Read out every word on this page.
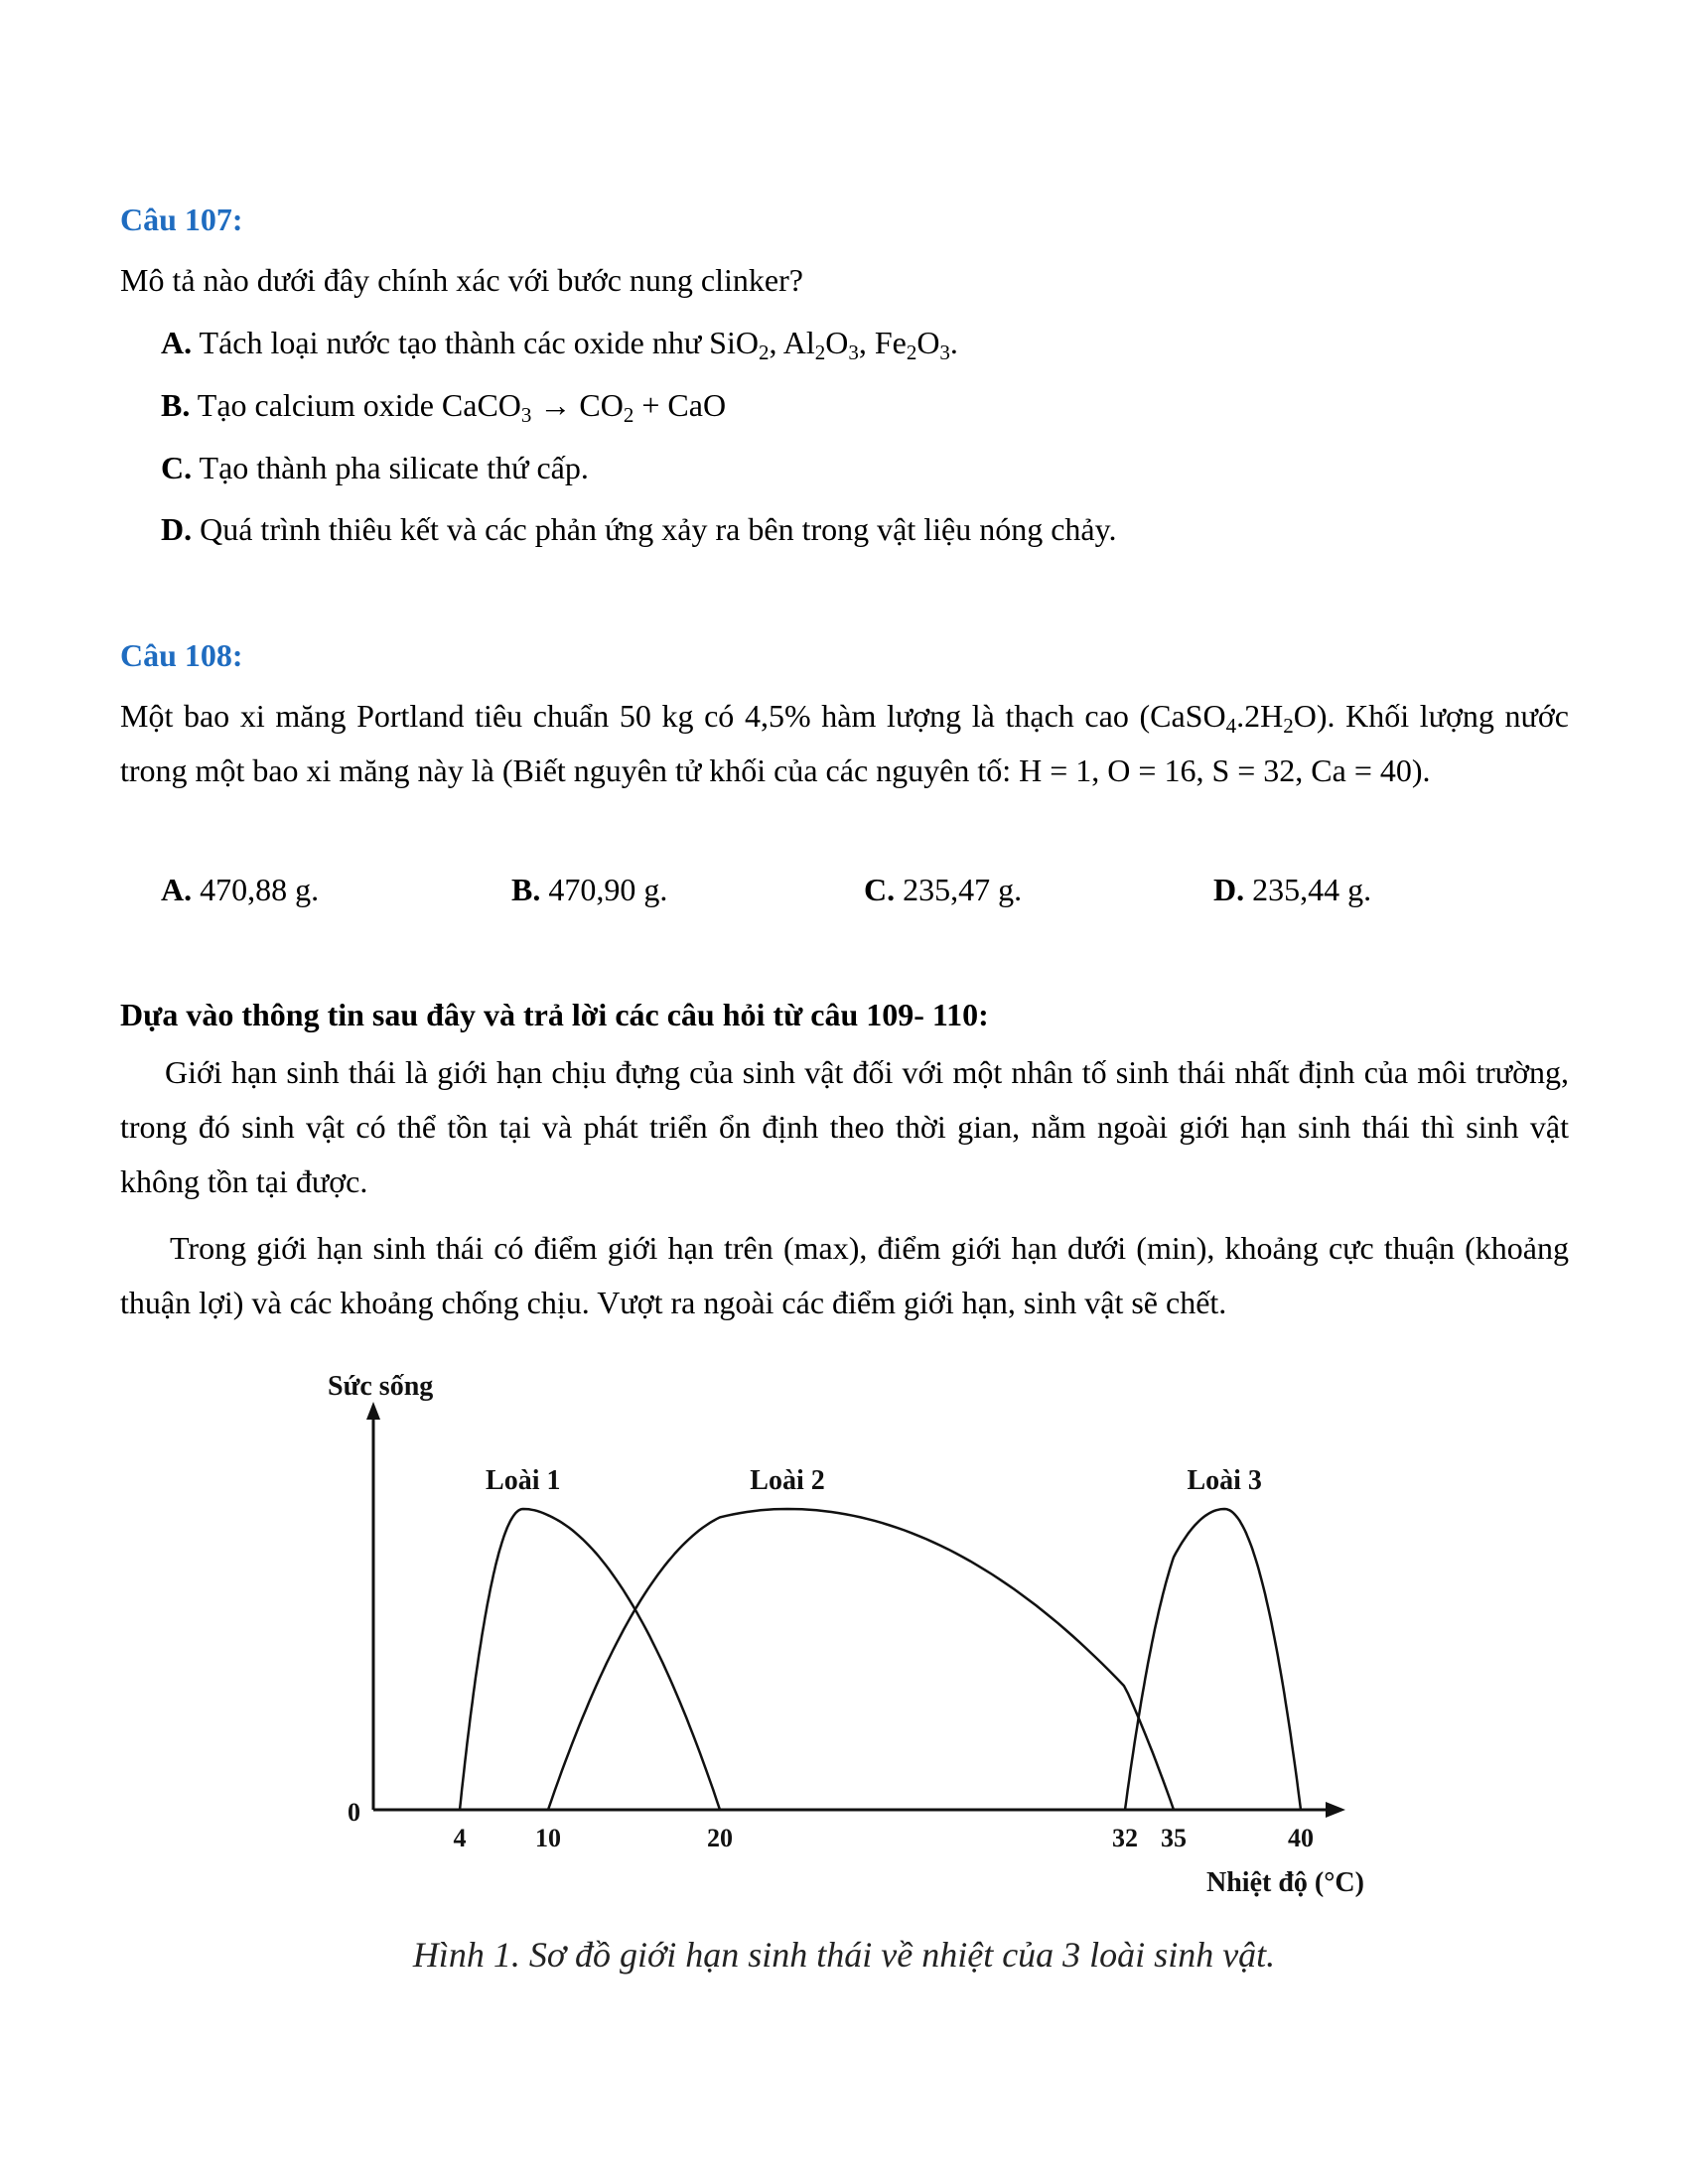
Câu 107:
Mô tả nào dưới đây chính xác với bước nung clinker?
A. Tách loại nước tạo thành các oxide như SiO$_2$, $Al_2O_3$, $Fe_2O_3$.
B. Tạo calcium oxide CaCO$_3$ → $CO_2$ + CaO
C. Tạo thành pha silicate thứ cấp.
D. Quá trình thiêu kết và các phản ứng xảy ra bên trong vật liệu nóng chảy.
Câu 108:
Một bao xi măng Portland tiêu chuẩn 50 kg có 4,5% hàm lượng là thạch cao $(CaSO_4.2H_2O)$. Khối lượng nước trong một bao xi măng này là (Biết nguyên tử khối của các nguyên tố: H = 1, O = 16, S = 32, Ca = 40).
A. 470,88 g.	B. 470,90 g.	C. 235,47 g.	D. 235,44 g.
Dựa vào thông tin sau đây và trả lời các câu hỏi từ câu 109- 110:
Giới hạn sinh thái là giới hạn chịu đựng của sinh vật đối với một nhân tố sinh thái nhất định của môi trường, trong đó sinh vật có thể tồn tại và phát triển ổn định theo thời gian, nằm ngoài giới hạn sinh thái thì sinh vật không tồn tại được.
Trong giới hạn sinh thái có điểm giới hạn trên (max), điểm giới hạn dưới (min), khoảng cực thuận (khoảng thuận lợi) và các khoảng chống chịu. Vượt ra ngoài các điểm giới hạn, sinh vật sẽ chết.
Sức sống
Nhiệt độ (°C)
0
4	10	20	32 35	40
Loài 1	Loài 2	Loài 3
Hình 1. Sơ đồ giới hạn sinh thái về nhiệt của 3 loài sinh vật.
